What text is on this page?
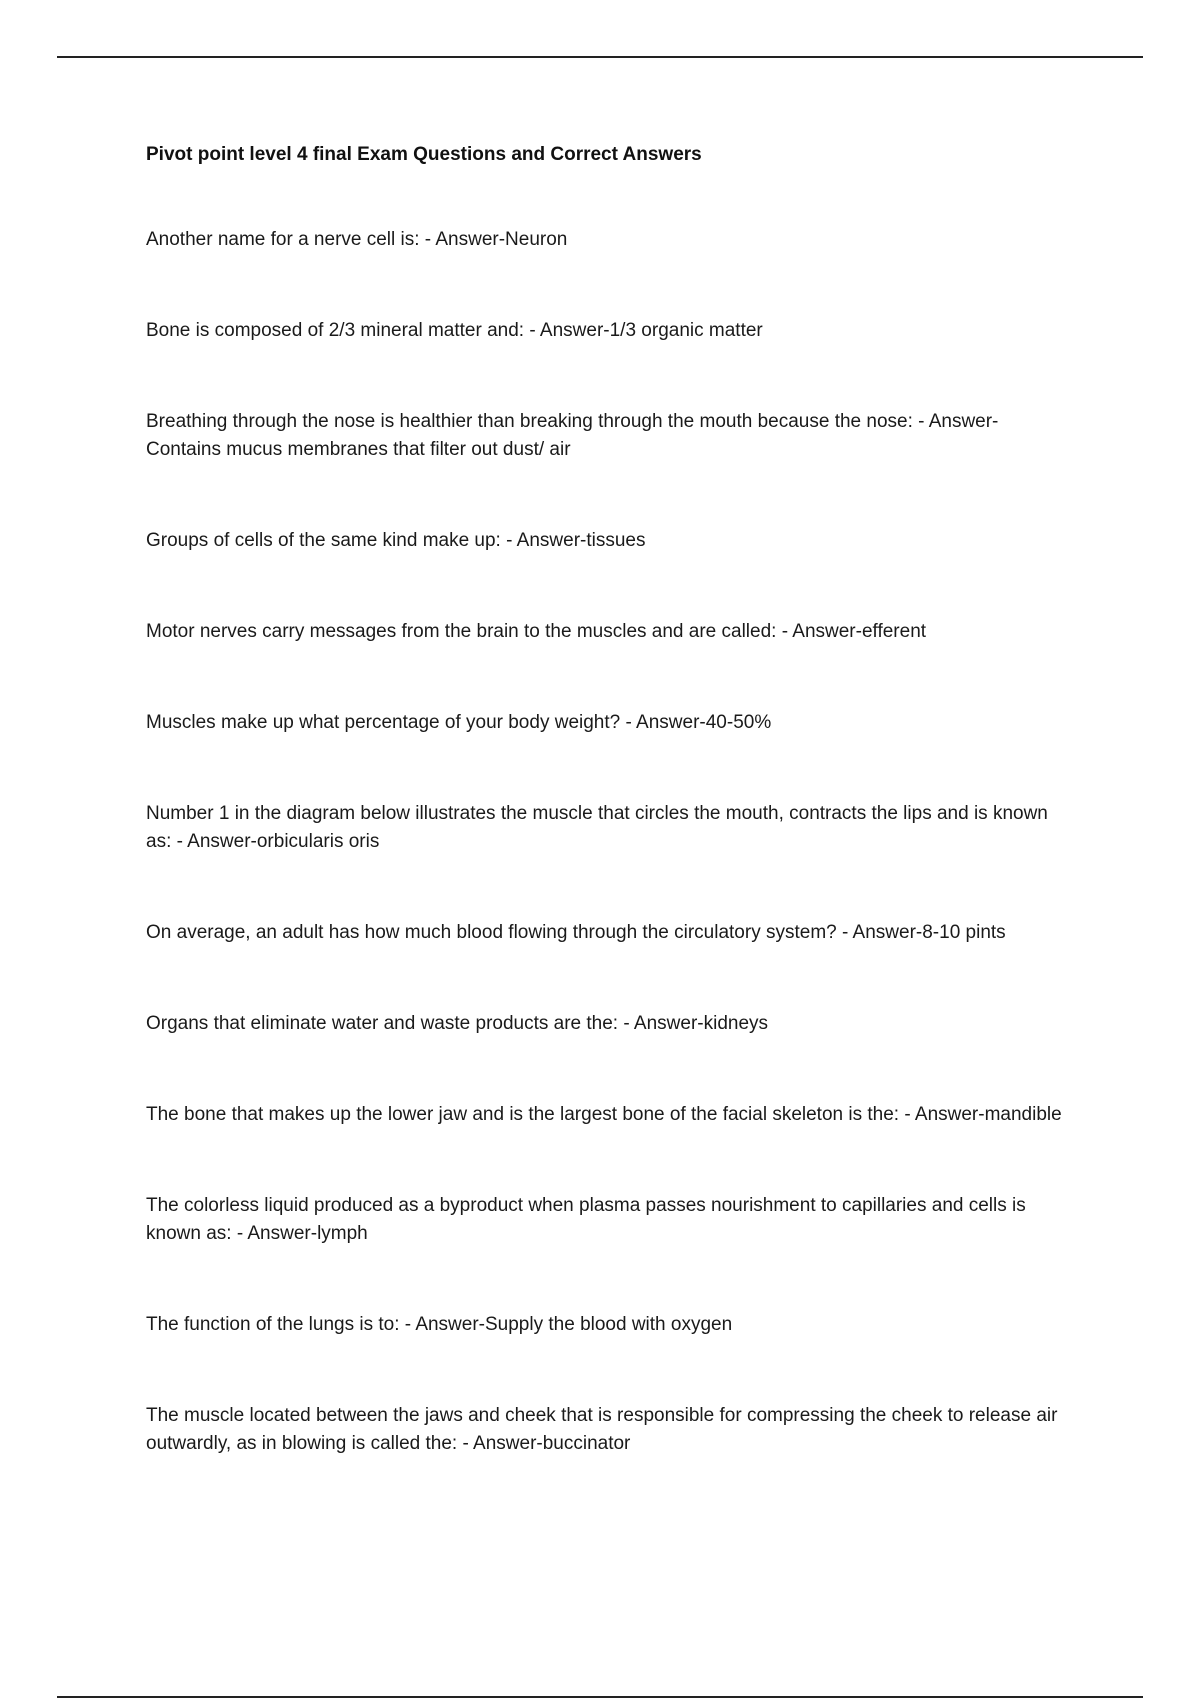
Pivot point level 4 final Exam Questions and Correct Answers

Another name for a nerve cell is: - Answer-Neuron

Bone is composed of 2/3 mineral matter and: - Answer-1/3 organic matter

Breathing through the nose is healthier than breaking through the mouth because the nose: - Answer-Contains mucus membranes that filter out dust/ air

Groups of cells of the same kind make up: - Answer-tissues

Motor nerves carry messages from the brain to the muscles and are called: - Answer-efferent

Muscles make up what percentage of your body weight? - Answer-40-50%

Number 1 in the diagram below illustrates the muscle that circles the mouth, contracts the lips and is known as: - Answer-orbicularis oris

On average, an adult has how much blood flowing through the circulatory system? - Answer-8-10 pints

Organs that eliminate water and waste products are the: - Answer-kidneys

The bone that makes up the lower jaw and is the largest bone of the facial skeleton is the: - Answer-mandible

The colorless liquid produced as a byproduct when plasma passes nourishment to capillaries and cells is known as: - Answer-lymph

The function of the lungs is to: - Answer-Supply the blood with oxygen

The muscle located between the jaws and cheek that is responsible for compressing the cheek to release air outwardly, as in blowing is called the: - Answer-buccinator
